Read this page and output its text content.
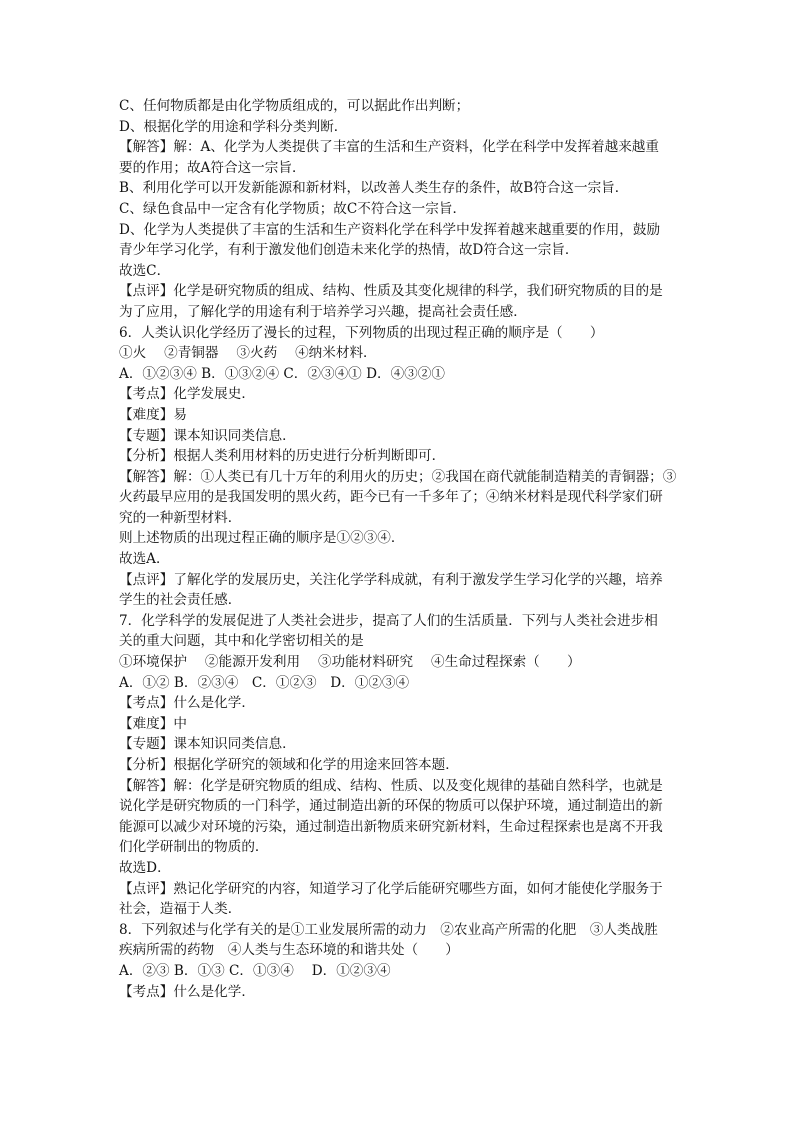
C、任何物质都是由化学物质组成的，可以据此作出判断；
D、根据化学的用途和学科分类判断．
【解答】解：A、化学为人类提供了丰富的生活和生产资料，化学在科学中发挥着越来越重
要的作用；故A符合这一宗旨．
B、利用化学可以开发新能源和新材料，以改善人类生存的条件，故B符合这一宗旨．
C、绿色食品中一定含有化学物质；故C不符合这一宗旨．
D、化学为人类提供了丰富的生活和生产资料化学在科学中发挥着越来越重要的作用，鼓励
青少年学习化学，有利于激发他们创造未来化学的热情，故D符合这一宗旨．
故选C．
【点评】化学是研究物质的组成、结构、性质及其变化规律的科学，我们研究物质的目的是
为了应用，了解化学的用途有利于培养学习兴趣，提高社会责任感．
6．人类认识化学经历了漫长的过程，下列物质的出现过程正确的顺序是（　　）
①火　 ②青铜器　 ③火药　 ④纳米材料．
A．①②③④ B．①③②④ C．②③④① D．④③②①
【考点】化学发展史．
【难度】易
【专题】课本知识同类信息．
【分析】根据人类利用材料的历史进行分析判断即可．
【解答】解：①人类已有几十万年的利用火的历史；②我国在商代就能制造精美的青铜器；③
火药最早应用的是我国发明的黑火药，距今已有一千多年了；④纳米材料是现代科学家们研
究的一种新型材料．
则上述物质的出现过程正确的顺序是①②③④．
故选A．
【点评】了解化学的发展历史，关注化学学科成就，有利于激发学生学习化学的兴趣，培养
学生的社会责任感．
7．化学科学的发展促进了人类社会进步，提高了人们的生活质量．下列与人类社会进步相
关的重大问题，其中和化学密切相关的是
①环境保护　 ②能源开发利用　 ③功能材料研究　 ④生命过程探索（　　）
A．①② B．②③④　C．①②③　D．①②③④
【考点】什么是化学．
【难度】中
【专题】课本知识同类信息．
【分析】根据化学研究的领域和化学的用途来回答本题．
【解答】解：化学是研究物质的组成、结构、性质、以及变化规律的基础自然科学，也就是
说化学是研究物质的一门科学，通过制造出新的环保的物质可以保护环境，通过制造出的新
能源可以减少对环境的污染，通过制造出新物质来研究新材料，生命过程探索也是离不开我
们化学研制出的物质的．
故选D．
【点评】熟记化学研究的内容，知道学习了化学后能研究哪些方面，如何才能使化学服务于
社会，造福于人类．
8．下列叙述与化学有关的是①工业发展所需的动力　②农业高产所需的化肥　③人类战胜
疾病所需的药物　④人类与生态环境的和谐共处（　　）
A．②③ B．①③ C．①③④　 D．①②③④
【考点】什么是化学．
